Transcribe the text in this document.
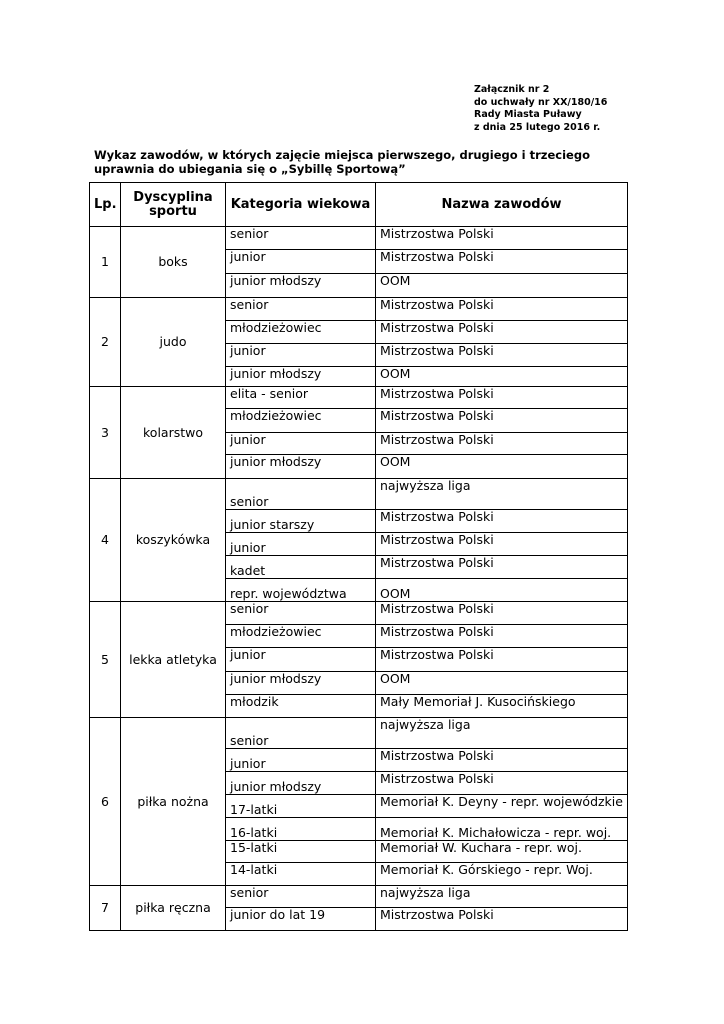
Załącznik nr 2
do uchwały nr XX/180/16
Rady Miasta Puławy
z dnia 25 lutego 2016 r.
Wykaz zawodów, w których zajęcie miejsca pierwszego, drugiego i trzeciego uprawnia do ubiegania się o „Sybillę Sportową”
Lp.	Dyscyplina sportu	Kategoria wiekowa	Nazwa zawodów
1	boks	senior	Mistrzostwa Polski
		junior	Mistrzostwa Polski
		junior młodszy	OOM
2	judo	senior	Mistrzostwa Polski
		młodzieżowiec	Mistrzostwa Polski
		junior	Mistrzostwa Polski
		junior młodszy	OOM
3	kolarstwo	elita - senior	Mistrzostwa Polski
		młodzieżowiec	Mistrzostwa Polski
		junior	Mistrzostwa Polski
		junior młodszy	OOM
4	koszykówka	senior	najwyższa liga
		junior starszy	Mistrzostwa Polski
		junior	Mistrzostwa Polski
		kadet	Mistrzostwa Polski
		repr. województwa	OOM
5	lekka atletyka	senior	Mistrzostwa Polski
		młodzieżowiec	Mistrzostwa Polski
		junior	Mistrzostwa Polski
		junior młodszy	OOM
		młodzik	Mały Memoriał J. Kusocińskiego
6	piłka nożna	senior	najwyższa liga
		junior	Mistrzostwa Polski
		junior młodszy	Mistrzostwa Polski
		17-latki	Memoriał K. Deyny - repr. wojewódzkie
		16-latki	Memoriał K. Michałowicza - repr. woj.
		15-latki	Memoriał W. Kuchara - repr. woj.
		14-latki	Memoriał K. Górskiego - repr. Woj.
7	piłka ręczna	senior	najwyższa liga
		junior do lat 19	Mistrzostwa Polski
